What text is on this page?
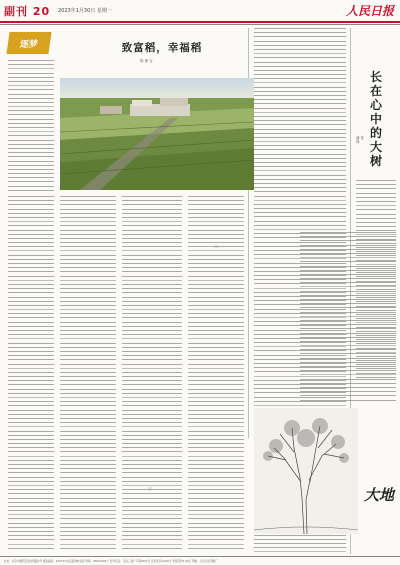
副刊 20 2023年1月30日 星期一	人民日报
逐梦	致富稻，幸福稻
陈 洲 言
二
三
长在心中的大树
潘 桂 林
大地
社址：北京市朝阳区金台西路2号 邮政编码：100733 电话查询转各部 传真：65003109 广告许可证：京东工商广字第0001号 定价每月24.00元 零售每份2.00元 印刷：人民日报印刷厂
